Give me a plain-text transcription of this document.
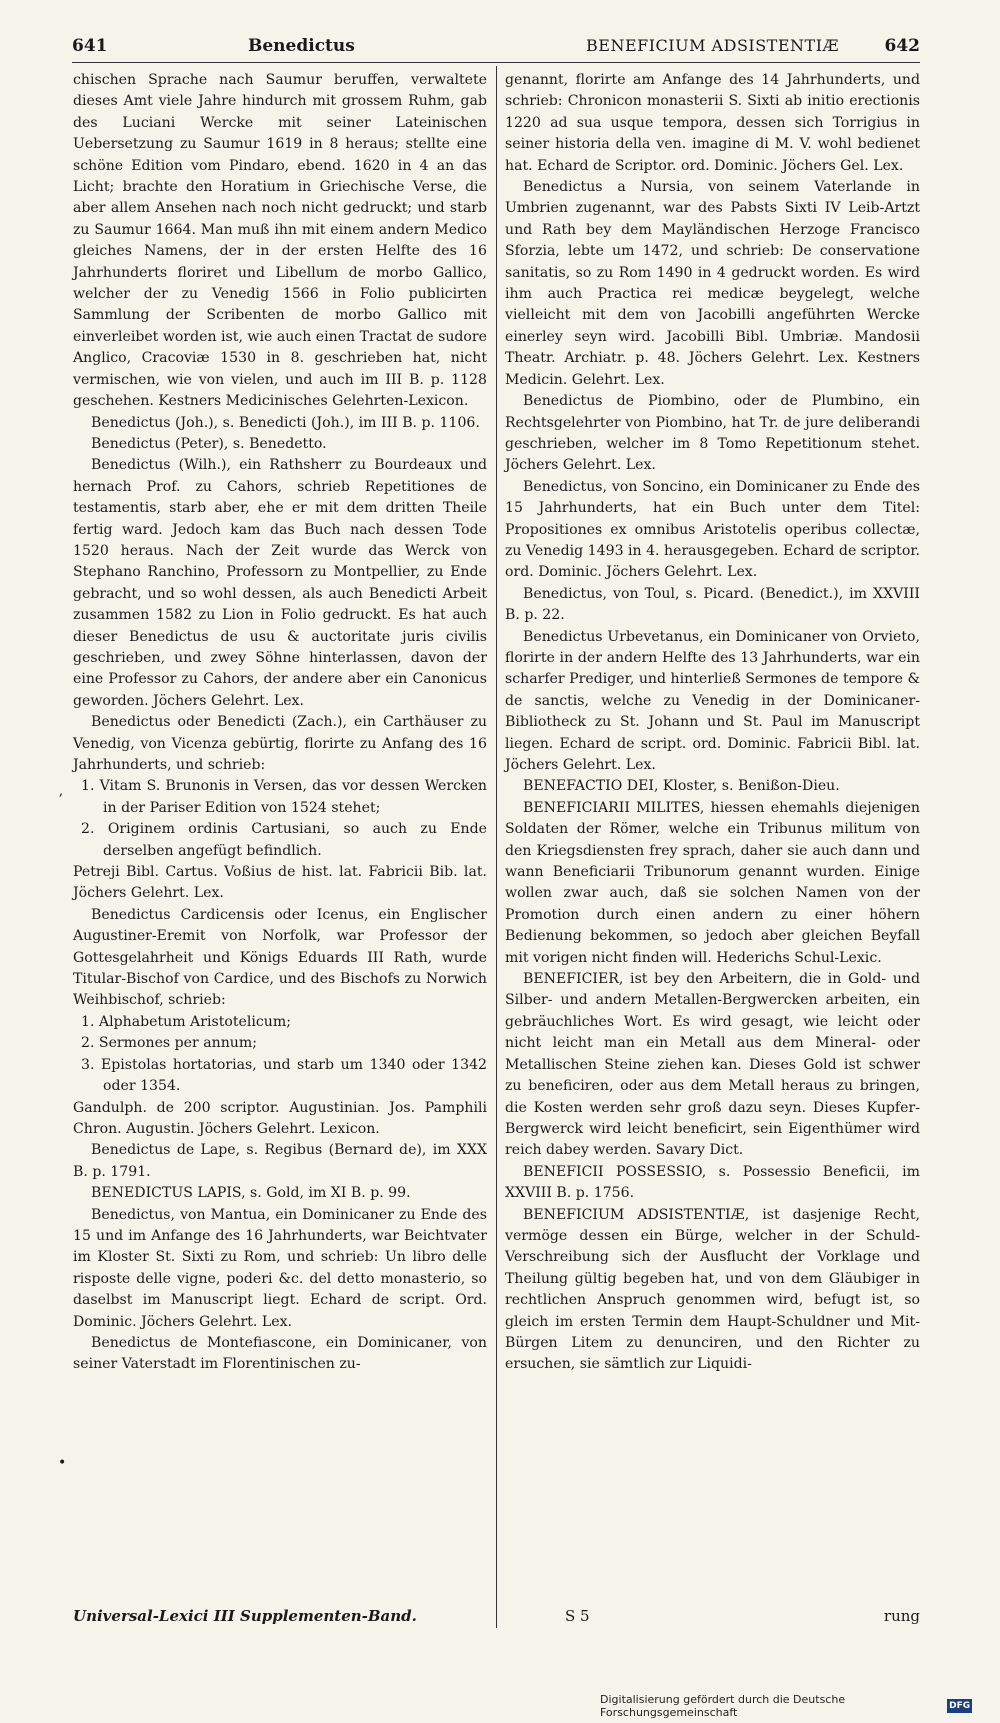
641	Benedictus	BENEFICIUM ADSISTENTIÆ	642

chischen Sprache nach Saumur beruffen, verwaltete dieses Amt viele Jahre hindurch mit grossem Ruhm, gab des Luciani Wercke mit seiner Lateinischen Uebersetzung zu Saumur 1619 in 8 heraus; stellte eine schöne Edition vom Pindaro, ebend. 1620 in 4 an das Licht; brachte den Horatium in Griechische Verse, die aber allem Ansehen nach noch nicht gedruckt; und starb zu Saumur 1664. Man muß ihn mit einem andern Medico gleiches Namens, der in der ersten Helfte des 16 Jahrhunderts floriret und Libellum de morbo Gallico, welcher der zu Venedig 1566 in Folio publicirten Sammlung der Scribenten de morbo Gallico mit einverleibet worden ist, wie auch einen Tractat de sudore Anglico, Cracoviæ 1530 in 8. geschrieben hat, nicht vermischen, wie von vielen, und auch im III B. p. 1128 geschehen. Kestners Medicinisches Gelehrten-Lexicon.

Benedictus (Joh.), s. Benedicti (Joh.), im III B. p. 1106.

Benedictus (Peter), s. Benedetto.

Benedictus (Wilh.), ein Rathsherr zu Bourdeaux und hernach Prof. zu Cahors, schrieb Repetitiones de testamentis, starb aber, ehe er mit dem dritten Theile fertig ward. Jedoch kam das Buch nach dessen Tode 1520 heraus. Nach der Zeit wurde das Werck von Stephano Ranchino, Professorn zu Montpellier, zu Ende gebracht, und so wohl dessen, als auch Benedicti Arbeit zusammen 1582 zu Lion in Folio gedruckt. Es hat auch dieser Benedictus de usu & auctoritate juris civilis geschrieben, und zwey Söhne hinterlassen, davon der eine Professor zu Cahors, der andere aber ein Canonicus geworden. Jöchers Gelehrt. Lex.

Benedictus oder Benedicti (Zach.), ein Carthäuser zu Venedig, von Vicenza gebürtig, florirte zu Anfang des 16 Jahrhunderts, und schrieb:

1. Vitam S. Brunonis in Versen, das vor dessen Wercken in der Pariser Edition von 1524 stehet;

2. Originem ordinis Cartusiani, so auch zu Ende derselben angefügt befindlich.

Petreji Bibl. Cartus. Voßius de hist. lat. Fabricii Bib. lat. Jöchers Gelehrt. Lex.

Benedictus Cardicensis oder Icenus, ein Englischer Augustiner-Eremit von Norfolk, war Professor der Gottesgelahrheit und Königs Eduards III Rath, wurde Titular-Bischof von Cardice, und des Bischofs zu Norwich Weihbischof, schrieb:

1. Alphabetum Aristotelicum;

2. Sermones per annum;

3. Epistolas hortatorias, und starb um 1340 oder 1342 oder 1354.

Gandulph. de 200 scriptor. Augustinian. Jos. Pamphili Chron. Augustin. Jöchers Gelehrt. Lexicon.

Benedictus de Lape, s. Regibus (Bernard de), im XXX B. p. 1791.

BENEDICTUS LAPIS, s. Gold, im XI B. p. 99.

Benedictus, von Mantua, ein Dominicaner zu Ende des 15 und im Anfange des 16 Jahrhunderts, war Beichtvater im Kloster St. Sixti zu Rom, und schrieb: Un libro delle risposte delle vigne, poderi &c. del detto monasterio, so daselbst im Manuscript liegt. Echard de script. Ord. Dominic. Jöchers Gelehrt. Lex.

Benedictus de Montefiascone, ein Dominicaner, von seiner Vaterstadt im Florentinischen zu-

genannt, florirte am Anfange des 14 Jahrhunderts, und schrieb: Chronicon monasterii S. Sixti ab initio erectionis 1220 ad sua usque tempora, dessen sich Torrigius in seiner historia della ven. imagine di M. V. wohl bedienet hat. Echard de Scriptor. ord. Dominic. Jöchers Gel. Lex.

Benedictus a Nursia, von seinem Vaterlande in Umbrien zugenannt, war des Pabsts Sixti IV Leib-Artzt und Rath bey dem Mayländischen Herzoge Francisco Sforzia, lebte um 1472, und schrieb: De conservatione sanitatis, so zu Rom 1490 in 4 gedruckt worden. Es wird ihm auch Practica rei medicæ beygelegt, welche vielleicht mit dem von Jacobilli angeführten Wercke einerley seyn wird. Jacobilli Bibl. Umbriæ. Mandosii Theatr. Archiatr. p. 48. Jöchers Gelehrt. Lex. Kestners Medicin. Gelehrt. Lex.

Benedictus de Piombino, oder de Plumbino, ein Rechtsgelehrter von Piombino, hat Tr. de jure deliberandi geschrieben, welcher im 8 Tomo Repetitionum stehet. Jöchers Gelehrt. Lex.

Benedictus, von Soncino, ein Dominicaner zu Ende des 15 Jahrhunderts, hat ein Buch unter dem Titel: Propositiones ex omnibus Aristotelis operibus collectæ, zu Venedig 1493 in 4. herausgegeben. Echard de scriptor. ord. Dominic. Jöchers Gelehrt. Lex.

Benedictus, von Toul, s. Picard. (Benedict.), im XXVIII B. p. 22.

Benedictus Urbevetanus, ein Dominicaner von Orvieto, florirte in der andern Helfte des 13 Jahrhunderts, war ein scharfer Prediger, und hinterließ Sermones de tempore & de sanctis, welche zu Venedig in der Dominicaner-Bibliotheck zu St. Johann und St. Paul im Manuscript liegen. Echard de script. ord. Dominic. Fabricii Bibl. lat. Jöchers Gelehrt. Lex.

BENEFACTIO DEI, Kloster, s. Benißon-Dieu.

BENEFICIARII MILITES, hiessen ehemahls diejenigen Soldaten der Römer, welche ein Tribunus militum von den Kriegsdiensten frey sprach, daher sie auch dann und wann Beneficiarii Tribunorum genannt wurden. Einige wollen zwar auch, daß sie solchen Namen von der Promotion durch einen andern zu einer höhern Bedienung bekommen, so jedoch aber gleichen Beyfall mit vorigen nicht finden will. Hederichs Schul-Lexic.

BENEFICIER, ist bey den Arbeitern, die in Gold- und Silber- und andern Metallen-Bergwercken arbeiten, ein gebräuchliches Wort. Es wird gesagt, wie leicht oder nicht leicht man ein Metall aus dem Mineral- oder Metallischen Steine ziehen kan. Dieses Gold ist schwer zu beneficiren, oder aus dem Metall heraus zu bringen, die Kosten werden sehr groß dazu seyn. Dieses Kupfer-Bergwerck wird leicht beneficirt, sein Eigenthümer wird reich dabey werden. Savary Dict.

BENEFICII POSSESSIO, s. Possessio Beneficii, im XXVIII B. p. 1756.

BENEFICIUM ADSISTENTIÆ, ist dasjenige Recht, vermöge dessen ein Bürge, welcher in der Schuld-Verschreibung sich der Ausflucht der Vorklage und Theilung gültig begeben hat, und von dem Gläubiger in rechtlichen Anspruch genommen wird, befugt ist, so gleich im ersten Termin dem Haupt-Schuldner und Mit-Bürgen Litem zu denunciren, und den Richter zu ersuchen, sie sämtlich zur Liquidi-

Universal-Lexici III Supplementen-Band.	S 5	rung
ʼ
•
Digitalisierung gefördert durch die Deutsche Forschungsgemeinschaft	DFG
